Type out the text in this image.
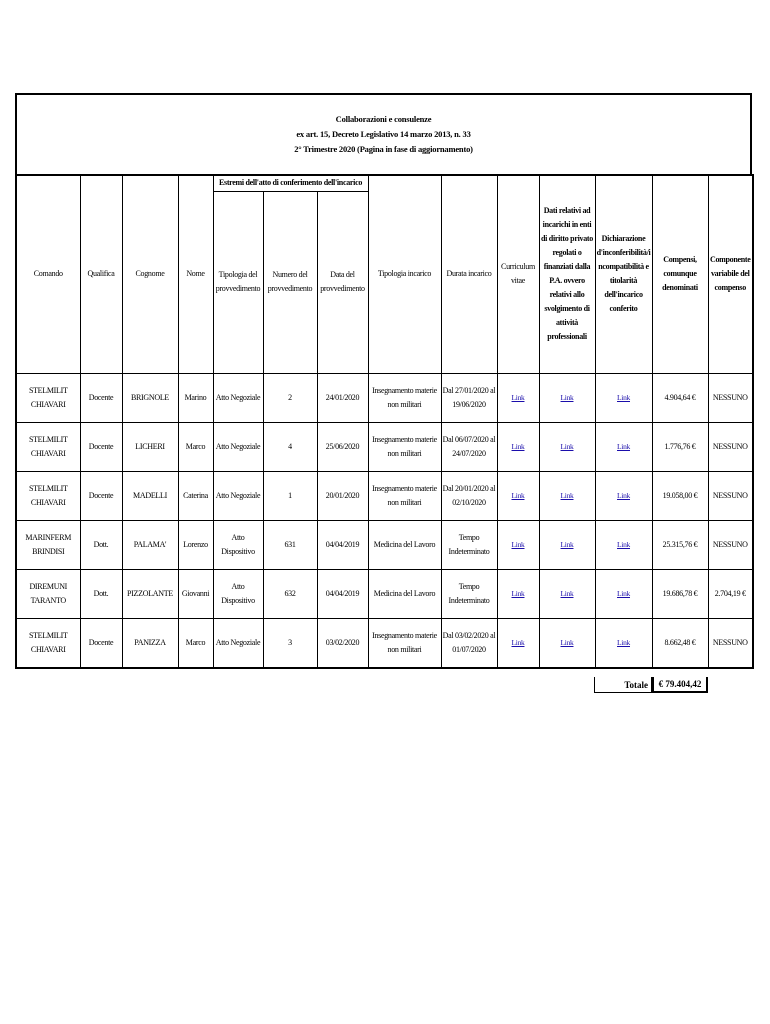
Collaborazioni e consulenze
ex art. 15, Decreto Legislativo 14 marzo 2013, n. 33
2° Trimestre 2020 (Pagina in fase di aggiornamento)
Comando	Qualifica	Cognome	Nome	Estremi dell'atto di conferimento dell'incarico			Tipologia incarico	Durata incarico	Curriculum vitae	Dati relativi ad incarichi in enti di diritto privato regolati o finanziati dalla P.A. ovvero relativi allo svolgimento di attività professionali	Dichiarazione d'inconferibilità/i ncompatibilità e titolarità dell'incarico conferito	Compensi, comunque denominati	Componente variabile del compenso
				Tipologia del provvedimento	Numero del provvedimento	Data del provvedimento							
STELMILIT CHIAVARI	Docente	BRIGNOLE	Marino	Atto Negoziale	2	24/01/2020	Insegnamento materie non militari	Dal 27/01/2020 al 19/06/2020	Link	Link	Link	4.904,64 €	NESSUNO
STELMILIT CHIAVARI	Docente	LICHERI	Marco	Atto Negoziale	4	25/06/2020	Insegnamento materie non militari	Dal 06/07/2020 al 24/07/2020	Link	Link	Link	1.776,76 €	NESSUNO
STELMILIT CHIAVARI	Docente	MADELLI	Caterina	Atto Negoziale	1	20/01/2020	Insegnamento materie non militari	Dal 20/01/2020 al 02/10/2020	Link	Link	Link	19.058,00 €	NESSUNO
MARINFERM BRINDISI	Dott.	PALAMA'	Lorenzo	Atto Dispositivo	631	04/04/2019	Medicina del Lavoro	Tempo Indeterminato	Link	Link	Link	25.315,76 €	NESSUNO
DIREMUNI TARANTO	Dott.	PIZZOLANTE	Giovanni	Atto Dispositivo	632	04/04/2019	Medicina del Lavoro	Tempo Indeterminato	Link	Link	Link	19.686,78 €	2.704,19 €
STELMILIT CHIAVARI	Docente	PANIZZA	Marco	Atto Negoziale	3	03/02/2020	Insegnamento materie non militari	Dal 03/02/2020 al 01/07/2020	Link	Link	Link	8.662,48 €	NESSUNO
Totale	€ 79.404,42
